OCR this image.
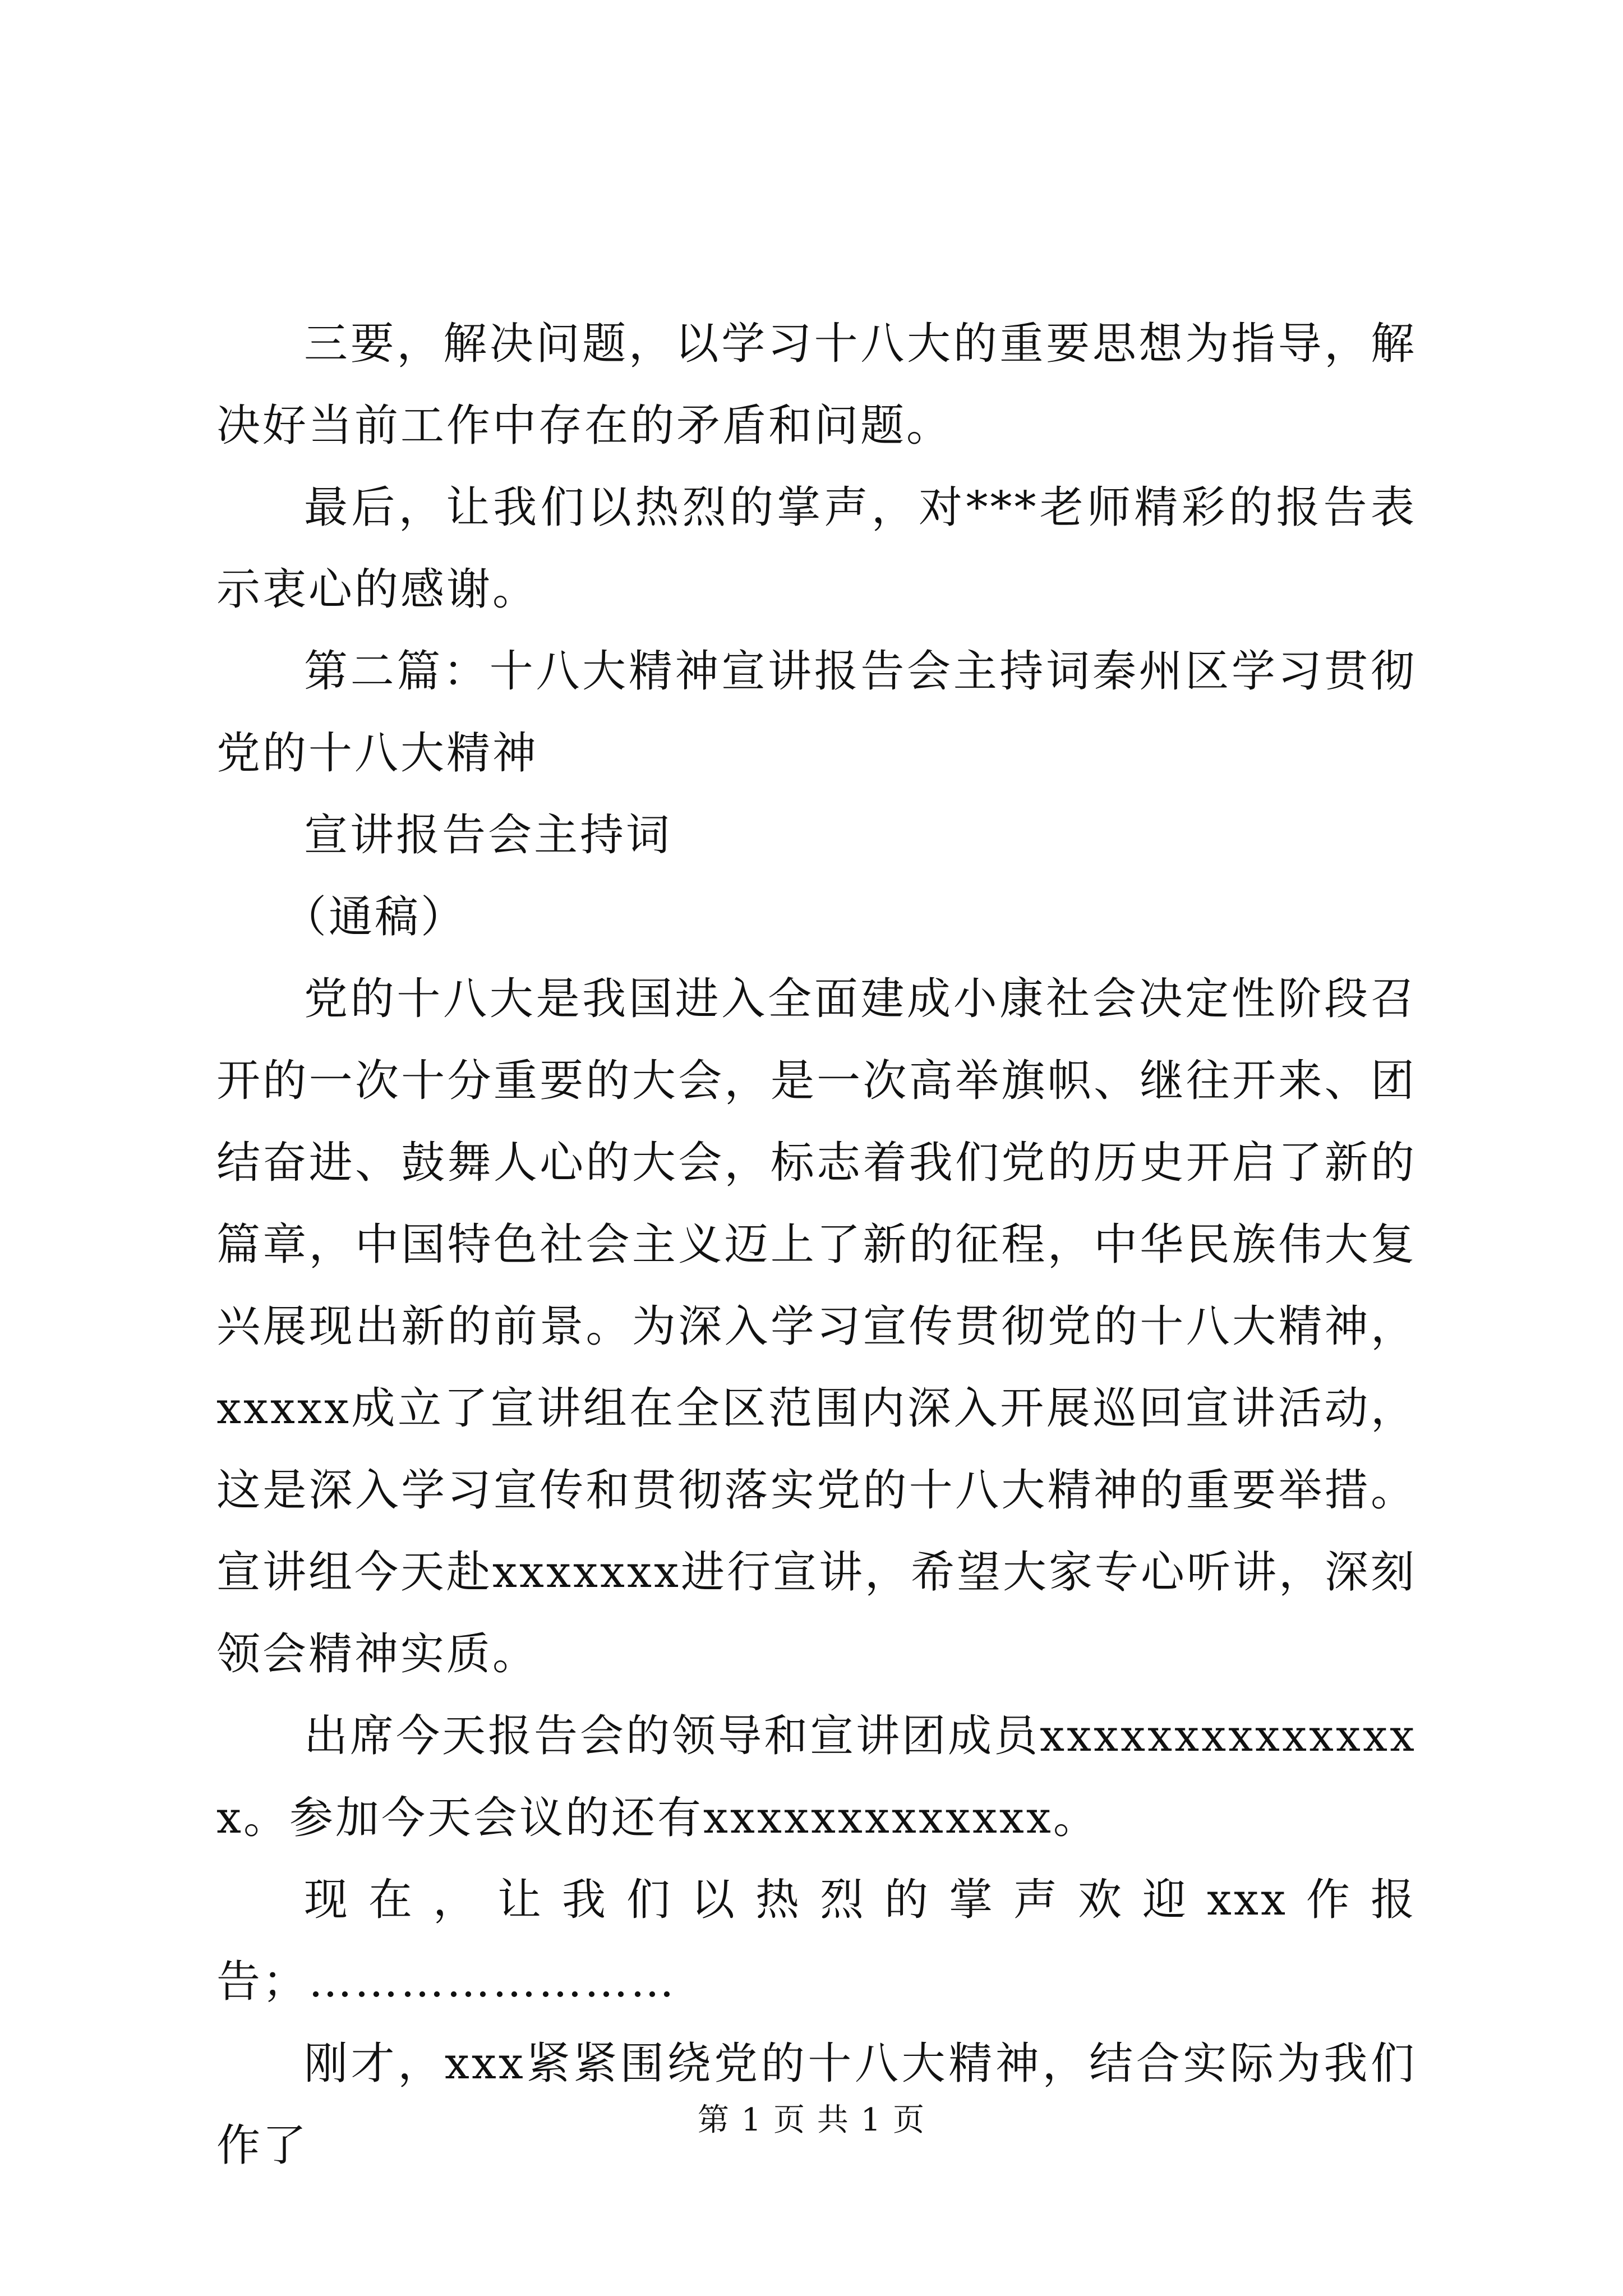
三要，解决问题，以学习十八大的重要思想为指导，解决好当前工作中存在的矛盾和问题。

最后，让我们以热烈的掌声，对***老师精彩的报告表示衷心的感谢。

第二篇：十八大精神宣讲报告会主持词秦州区学习贯彻党的十八大精神

宣讲报告会主持词

（通稿）

党的十八大是我国进入全面建成小康社会决定性阶段召开的一次十分重要的大会，是一次高举旗帜、继往开来、团结奋进、鼓舞人心的大会，标志着我们党的历史开启了新的篇章，中国特色社会主义迈上了新的征程，中华民族伟大复兴展现出新的前景。为深入学习宣传贯彻党的十八大精神，xxxxx成立了宣讲组在全区范围内深入开展巡回宣讲活动，这是深入学习宣传和贯彻落实党的十八大精神的重要举措。宣讲组今天赴xxxxxxx进行宣讲，希望大家专心听讲，深刻领会精神实质。

出席今天报告会的领导和宣讲团成员xxxxxxxxxxxxxxx。参加今天会议的还有xxxxxxxxxxxxx。

现在，让我们以热烈的掌声欢迎xxx作报告；……………………

刚才，xxx紧紧围绕党的十八大精神，结合实际为我们作了

第 1 页 共 1 页
